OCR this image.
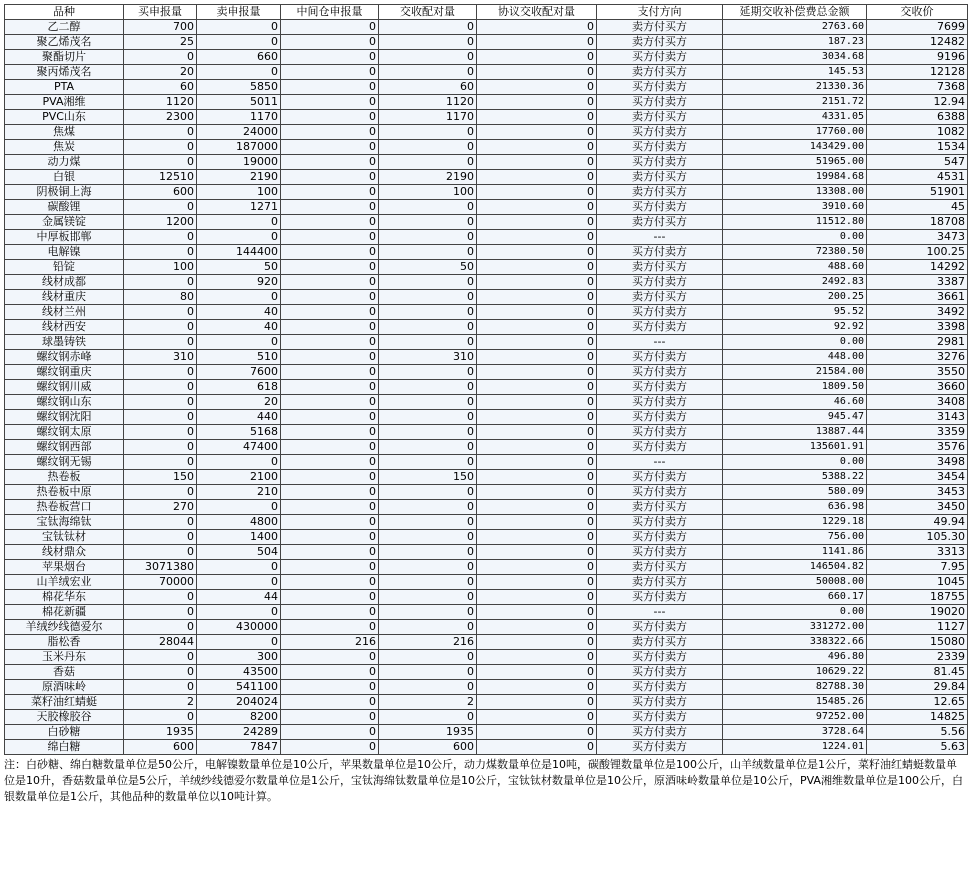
品种	买申报量	卖申报量	中间仓申报量	交收配对量	协议交收配对量	支付方向	延期交收补偿费总金额	交收价
乙二醇	700	0	0	0	0	卖方付买方	2763.60	7699
聚乙烯茂名	25	0	0	0	0	卖方付买方	187.23	12482
聚酯切片	0	660	0	0	0	买方付卖方	3034.68	9196
聚丙烯茂名	20	0	0	0	0	卖方付买方	145.53	12128
PTA	60	5850	0	60	0	买方付卖方	21330.36	7368
PVA湘维	1120	5011	0	1120	0	买方付卖方	2151.72	12.94
PVC山东	2300	1170	0	1170	0	卖方付买方	4331.05	6388
焦煤	0	24000	0	0	0	买方付卖方	17760.00	1082
焦炭	0	187000	0	0	0	买方付卖方	143429.00	1534
动力煤	0	19000	0	0	0	买方付卖方	51965.00	547
白银	12510	2190	0	2190	0	卖方付买方	19984.68	4531
阴极铜上海	600	100	0	100	0	卖方付买方	13308.00	51901
碳酸锂	0	1271	0	0	0	买方付卖方	3910.60	45
金属镁锭	1200	0	0	0	0	卖方付买方	11512.80	18708
中厚板邯郸	0	0	0	0	0	---	0.00	3473
电解镍	0	144400	0	0	0	买方付卖方	72380.50	100.25
铅锭	100	50	0	50	0	卖方付买方	488.60	14292
线材成都	0	920	0	0	0	买方付卖方	2492.83	3387
线材重庆	80	0	0	0	0	卖方付买方	200.25	3661
线材兰州	0	40	0	0	0	买方付卖方	95.52	3492
线材西安	0	40	0	0	0	买方付卖方	92.92	3398
球墨铸铁	0	0	0	0	0	---	0.00	2981
螺纹钢赤峰	310	510	0	310	0	买方付卖方	448.00	3276
螺纹钢重庆	0	7600	0	0	0	买方付卖方	21584.00	3550
螺纹钢川威	0	618	0	0	0	买方付卖方	1809.50	3660
螺纹钢山东	0	20	0	0	0	买方付卖方	46.60	3408
螺纹钢沈阳	0	440	0	0	0	买方付卖方	945.47	3143
螺纹钢太原	0	5168	0	0	0	买方付卖方	13887.44	3359
螺纹钢西部	0	47400	0	0	0	买方付卖方	135601.91	3576
螺纹钢无锡	0	0	0	0	0	---	0.00	3498
热卷板	150	2100	0	150	0	买方付卖方	5388.22	3454
热卷板中原	0	210	0	0	0	买方付卖方	580.09	3453
热卷板营口	270	0	0	0	0	卖方付买方	636.98	3450
宝钛海绵钛	0	4800	0	0	0	买方付卖方	1229.18	49.94
宝钛钛材	0	1400	0	0	0	买方付卖方	756.00	105.30
线材鼎众	0	504	0	0	0	买方付卖方	1141.86	3313
苹果烟台	3071380	0	0	0	0	卖方付买方	146504.82	7.95
山羊绒宏业	70000	0	0	0	0	卖方付买方	50008.00	1045
棉花华东	0	44	0	0	0	买方付卖方	660.17	18755
棉花新疆	0	0	0	0	0	---	0.00	19020
羊绒纱线德爱尔	0	430000	0	0	0	买方付卖方	331272.00	1127
脂松香	28044	0	216	216	0	卖方付买方	338322.66	15080
玉米丹东	0	300	0	0	0	买方付卖方	496.80	2339
香菇	0	43500	0	0	0	买方付卖方	10629.22	81.45
原酒味岭	0	541100	0	0	0	买方付卖方	82788.30	29.84
菜籽油红蜻蜓	2	204024	0	2	0	买方付卖方	15485.26	12.65
天胶橡胶谷	0	8200	0	0	0	买方付卖方	97252.00	14825
白砂糖	1935	24289	0	1935	0	买方付卖方	3728.64	5.56
绵白糖	600	7847	0	600	0	买方付卖方	1224.01	5.63
注：白砂糖、绵白糖数量单位是50公斤，电解镍数量单位是10公斤，苹果数量单位是10公斤，动力煤数量单位是10吨，碳酸锂数量单位是100公斤，山羊绒数量单位是1公斤，菜籽油红蜻蜓数量单位是10升，香菇数量单位是5公斤，羊绒纱线德爱尔数量单位是1公斤，宝钛海绵钛数量单位是10公斤，宝钛钛材数量单位是10公斤，原酒味岭数量单位是10公斤，PVA湘维数量单位是100公斤，白银数量单位是1公斤，其他品种的数量单位以10吨计算。
